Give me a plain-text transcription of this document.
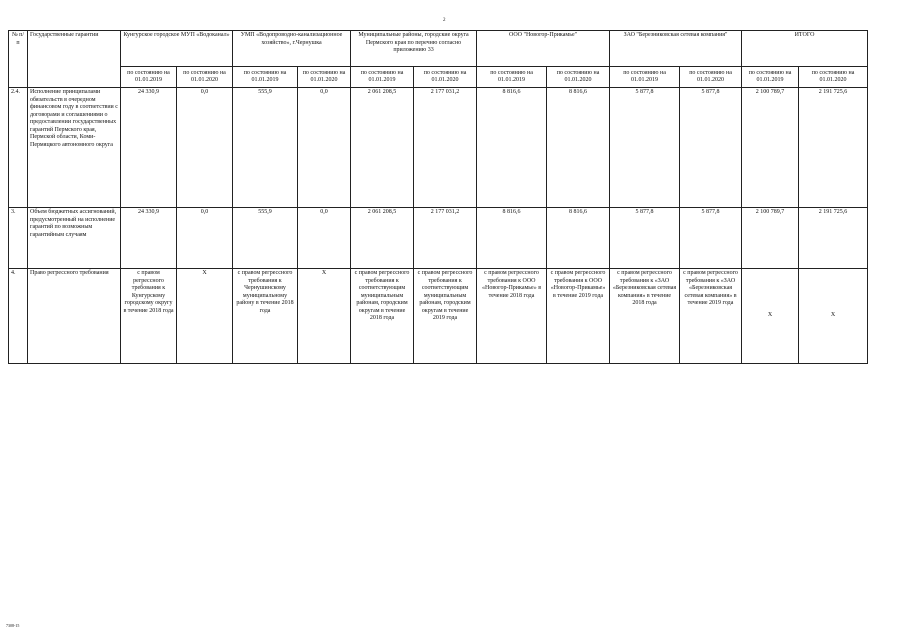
2
№ п/п	Государственные гарантии	Кунгурское городское МУП «Водоканал»		УМП «Водопроводно-канализационное хозяйство», г.Чернушка		Муниципальные районы, городские округа Пермского края по перечню согласно приложению 33		ООО "Новогор-Прикамье"		ЗАО "Березниковская сетевая компания"		ИТОГО	
		по состоянию на 01.01.2019	по состоянию на 01.01.2020	по состоянию на 01.01.2019	по состоянию на 01.01.2020	по состоянию на 01.01.2019	по состоянию на 01.01.2020	по состоянию на 01.01.2019	по состоянию на 01.01.2020	по состоянию на 01.01.2019	по состоянию на 01.01.2020	по состоянию на 01.01.2019	по состоянию на 01.01.2020
2.4.	Исполнение принципалами обязательств в очередном финансовом году в соответствии с договорами и соглашениями о предоставлении государственных гарантий Пермского края, Пермской области, Коми-Пермяцкого автономного округа	24 330,9	0,0	555,9	0,0	2 061 208,5	2 177 031,2	8 816,6	8 816,6	5 877,8	5 877,8	2 100 789,7	2 191 725,6
3.	Объем бюджетных ассигнований, предусмотренный на исполнение гарантий по возможным гарантийным случаям	24 330,9	0,0	555,9	0,0	2 061 208,5	2 177 031,2	8 816,6	8 816,6	5 877,8	5 877,8	2 100 789,7	2 191 725,6
4.	Право регрессного требования	с правом регрессного требования к Кунгурскому городскому округу в течение 2018 года	Х	с правом регрессного требования к Чернушинскому муниципальному району в течение 2018 года	Х	с правом регрессного требования к соответствующим муниципальным районам, городским округам в течение 2018 года	с правом регрессного требования к соответствующим муниципальным районам, городским округам в течение 2019 года	с правом регрессного требования к ООО «Новогор-Прикамье» в течение 2018 года	с правом регрессного требования к ООО «Новогор-Прикамье» в течение 2019 года	с правом регрессного требования к «ЗАО «Березниковская сетевая компания» в течение 2018 года	с правом регрессного требования к «ЗАО «Березниковская сетевая компания» в течение 2019 года	Х	Х
7308-15
